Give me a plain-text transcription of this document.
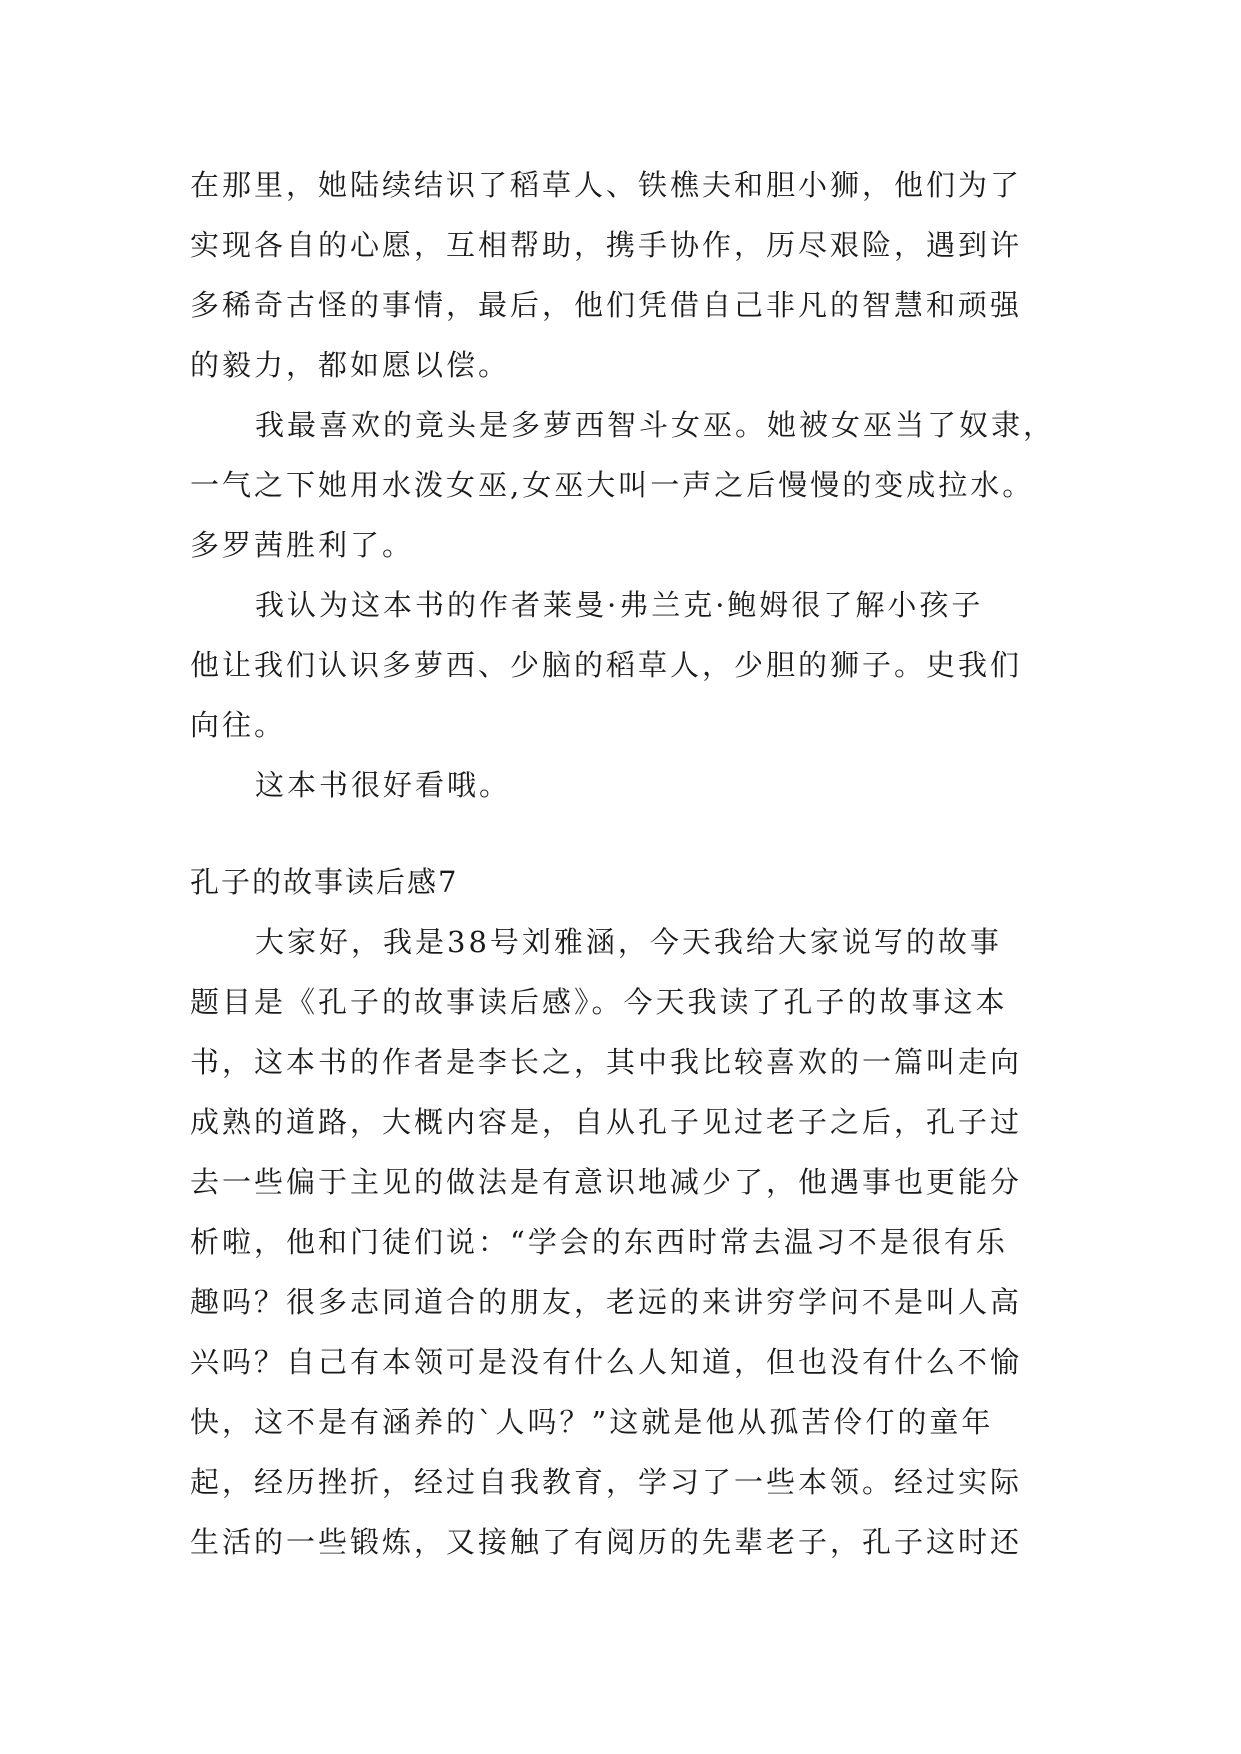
在那里，她陆续结识了稻草人、铁樵夫和胆小狮，他们为了
实现各自的心愿，互相帮助，携手协作，历尽艰险，遇到许
多稀奇古怪的事情，最后，他们凭借自己非凡的智慧和顽强
的毅力，都如愿以偿。
我最喜欢的竟头是多萝西智斗女巫。她被女巫当了奴隶，
一气之下她用水泼女巫,女巫大叫一声之后慢慢的变成拉水。
多罗茜胜利了。
我认为这本书的作者莱曼·弗兰克·鲍姆很了解小孩子
他让我们认识多萝西、少脑的稻草人，少胆的狮子。史我们
向往。
这本书很好看哦。
孔子的故事读后感7
大家好，我是38号刘雅涵，今天我给大家说写的故事
题目是《孔子的故事读后感》。今天我读了孔子的故事这本
书，这本书的作者是李长之，其中我比较喜欢的一篇叫走向
成熟的道路，大概内容是，自从孔子见过老子之后，孔子过
去一些偏于主见的做法是有意识地减少了，他遇事也更能分
析啦，他和门徒们说：“学会的东西时常去温习不是很有乐
趣吗？很多志同道合的朋友，老远的来讲穷学问不是叫人高
兴吗？自己有本领可是没有什么人知道，但也没有什么不愉
快，这不是有涵养的`人吗？”这就是他从孤苦伶仃的童年
起，经历挫折，经过自我教育，学习了一些本领。经过实际
生活的一些锻炼，又接触了有阅历的先辈老子，孔子这时还
